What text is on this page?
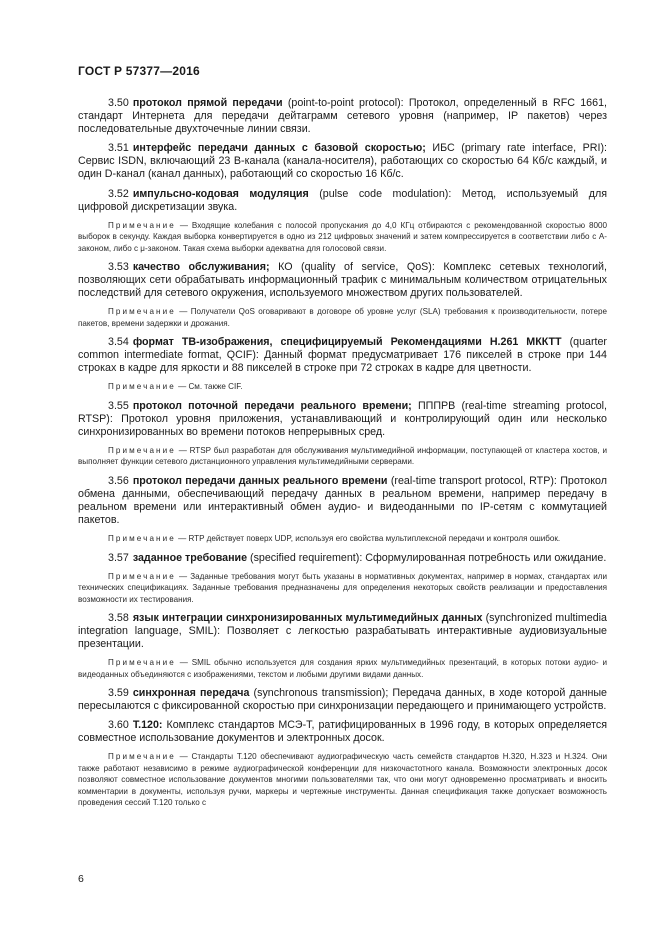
ГОСТ Р 57377—2016

3.50 протокол прямой передачи (point-to-point protocol): Протокол, определенный в RFC 1661, стандарт Интернета для передачи дейтаграмм сетевого уровня (например, IP пакетов) через последовательные двухточечные линии связи.

3.51 интерфейс передачи данных с базовой скоростью; ИБС (primary rate interface, PRI): Сервис ISDN, включающий 23 B-канала (канала-носителя), работающих со скоростью 64 Кб/с каждый, и один D-канал (канал данных), работающий со скоростью 16 Кб/с.

3.52 импульсно-кодовая модуляция (pulse code modulation): Метод, используемый для цифровой дискретизации звука.

Примечание — Входящие колебания с полосой пропускания до 4,0 КГц отбираются с рекомендованной скоростью 8000 выборок в секунду. Каждая выборка конвертируется в одно из 212 цифровых значений и затем компрессируется в соответствии либо с А-законом, либо с μ-законом. Такая схема выборки адекватна для голосовой связи.

3.53 качество обслуживания; КО (quality of service, QoS): Комплекс сетевых технологий, позволяющих сети обрабатывать информационный трафик с минимальным количеством отрицательных последствий для сетевого окружения, используемого множеством других пользователей.

Примечание — Получатели QoS оговаривают в договоре об уровне услуг (SLA) требования к производительности, потере пакетов, времени задержки и дрожания.

3.54 формат ТВ-изображения, специфицируемый Рекомендациями Н.261 МККТТ (quarter common intermediate format, QCIF): Данный формат предусматривает 176 пикселей в строке при 144 строках в кадре для яркости и 88 пикселей в строке при 72 строках в кадре для цветности.

Примечание — См. также CIF.

3.55 протокол поточной передачи реального времени; ПППРВ (real-time streaming protocol, RTSP): Протокол уровня приложения, устанавливающий и контролирующий один или несколько синхронизированных во времени потоков непрерывных сред.

Примечание — RTSP был разработан для обслуживания мультимедийной информации, поступающей от кластера хостов, и выполняет функции сетевого дистанционного управления мультимедийными серверами.

3.56 протокол передачи данных реального времени (real-time transport protocol, RTP): Протокол обмена данными, обеспечивающий передачу данных в реальном времени, например передачу в реальном времени или интерактивный обмен аудио- и видеоданными по IP-сетям с коммутацией пакетов.

Примечание — RTP действует поверх UDP, используя его свойства мультиплексной передачи и контроля ошибок.

3.57 заданное требование (specified requirement): Сформулированная потребность или ожидание.

Примечание — Заданные требования могут быть указаны в нормативных документах, например в нормах, стандартах или технических спецификациях. Заданные требования предназначены для определения некоторых свойств реализации и предоставления возможности их тестирования.

3.58 язык интеграции синхронизированных мультимедийных данных (synchronized multimedia integration language, SMIL): Позволяет с легкостью разрабатывать интерактивные аудиовизуальные презентации.

Примечание — SMIL обычно используется для создания ярких мультимедийных презентаций, в которых потоки аудио- и видеоданных объединяются с изображениями, текстом и любыми другими видами данных.

3.59 синхронная передача (synchronous transmission); Передача данных, в ходе которой данные пересылаются с фиксированной скоростью при синхронизации передающего и принимающего устройств.

3.60 Т.120: Комплекс стандартов МСЭ-Т, ратифицированных в 1996 году, в которых определяется совместное использование документов и электронных досок.

Примечание — Стандарты Т.120 обеспечивают аудиографическую часть семейств стандартов Н.320, Н.323 и Н.324. Они также работают независимо в режиме аудиографической конференции для низкочастотного канала. Возможности электронных досок позволяют совместное использование документов многими пользователями так, что они могут одновременно просматривать и вносить комментарии в документы, используя ручки, маркеры и чертежные инструменты. Данная спецификация также допускает возможность проведения сессий Т.120 только с

6
